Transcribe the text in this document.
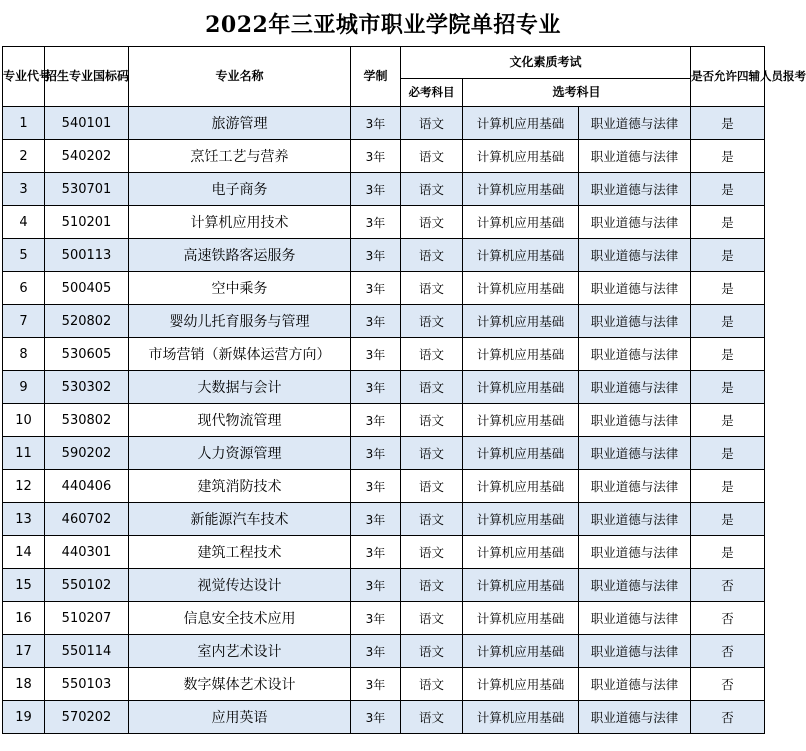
2022年三亚城市职业学院单招专业
专业代号	招生专业国标码	专业名称	学制	文化素质考试			是否允许四辅人员报考
				必考科目	选考科目		
1	540101	旅游管理	3年	语文	计算机应用基础	职业道德与法律	是
2	540202	烹饪工艺与营养	3年	语文	计算机应用基础	职业道德与法律	是
3	530701	电子商务	3年	语文	计算机应用基础	职业道德与法律	是
4	510201	计算机应用技术	3年	语文	计算机应用基础	职业道德与法律	是
5	500113	高速铁路客运服务	3年	语文	计算机应用基础	职业道德与法律	是
6	500405	空中乘务	3年	语文	计算机应用基础	职业道德与法律	是
7	520802	婴幼儿托育服务与管理	3年	语文	计算机应用基础	职业道德与法律	是
8	530605	市场营销（新媒体运营方向）	3年	语文	计算机应用基础	职业道德与法律	是
9	530302	大数据与会计	3年	语文	计算机应用基础	职业道德与法律	是
10	530802	现代物流管理	3年	语文	计算机应用基础	职业道德与法律	是
11	590202	人力资源管理	3年	语文	计算机应用基础	职业道德与法律	是
12	440406	建筑消防技术	3年	语文	计算机应用基础	职业道德与法律	是
13	460702	新能源汽车技术	3年	语文	计算机应用基础	职业道德与法律	是
14	440301	建筑工程技术	3年	语文	计算机应用基础	职业道德与法律	是
15	550102	视觉传达设计	3年	语文	计算机应用基础	职业道德与法律	否
16	510207	信息安全技术应用	3年	语文	计算机应用基础	职业道德与法律	否
17	550114	室内艺术设计	3年	语文	计算机应用基础	职业道德与法律	否
18	550103	数字媒体艺术设计	3年	语文	计算机应用基础	职业道德与法律	否
19	570202	应用英语	3年	语文	计算机应用基础	职业道德与法律	否
